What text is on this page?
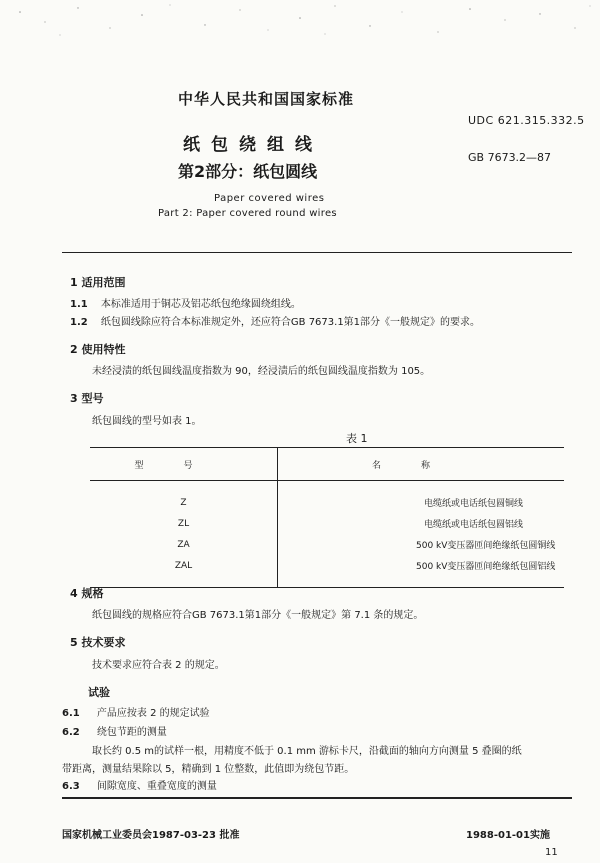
中华人民共和国国家标准
UDC 621.315.332.5
纸包绕组线
GB 7673.2—87
第2部分：纸包圆线
Paper covered wires
Part 2: Paper covered round wires
1 适用范围
1.1 本标准适用于铜芯及铝芯纸包绝缘圆绕组线。
1.2 纸包圆线除应符合本标准规定外，还应符合GB 7673.1第1部分《一般规定》的要求。
2 使用特性
未经浸渍的纸包圆线温度指数为 90，经浸渍后的纸包圆线温度指数为 105。
3 型号
纸包圆线的型号如表 1。
表 1
型号	名称
Z	电缆纸或电话纸包圆铜线
ZL	电缆纸或电话纸包圆铝线
ZA	500 kV变压器匝间绝缘纸包圆铜线
ZAL	500 kV变压器匝间绝缘纸包圆铝线
4 规格
纸包圆线的规格应符合GB 7673.1第1部分《一般规定》第 7.1 条的规定。
5 技术要求
技术要求应符合表 2 的规定。
试验
6.1 产品应按表 2 的规定试验
6.2 绕包节距的测量
取长约 0.5 m的试样一根，用精度不低于 0.1 mm 游标卡尺，沿截面的轴向方向测量 5 叠圈的纸
带距离，测量结果除以 5，精确到 1 位整数，此值即为绕包节距。
6.3 间隙宽度、重叠宽度的测量
国家机械工业委员会1987-03-23 批准	1988-01-01实施
11
